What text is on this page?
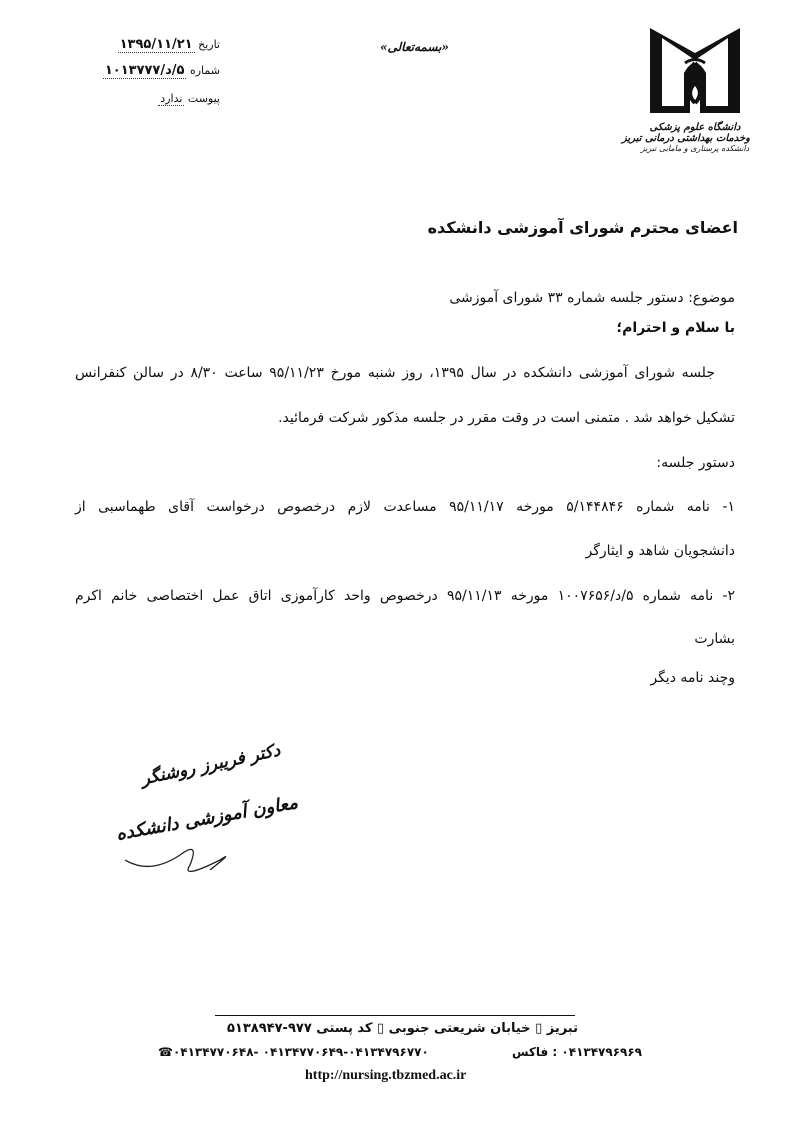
دانشگاه علوم پزشکی
وخدمات بهداشتی درمانی تبریز
دانشکده پرستاری و مامایی تبریز
«بسمه‌تعالی»
تاریخ ۱۳۹۵/۱۱/۲۱
شماره ۵/د/۱۰۱۳۷۷۷
پیوست ندارد
اعضای محترم شورای آموزشی دانشکده
موضوع: دستور جلسه شماره ۳۳ شورای آموزشی
با سلام و احترام؛
جلسه شورای آموزشی دانشکده در سال ۱۳۹۵، روز شنبه مورخ ۹۵/۱۱/۲۳ ساعت ۸/۳۰ در سالن کنفرانس
تشکیل خواهد شد . متمنی است در وقت مقرر در جلسه مذکور شرکت فرمائید.
دستور جلسه:
۱- نامه شماره ۵/۱۴۴۸۴۶ مورخه ۹۵/۱۱/۱۷ مساعدت لازم درخصوص درخواست آقای طهماسبی از
دانشجویان شاهد و ایثارگر
۲- نامه شماره ۵/د/۱۰۰۷۶۵۶ مورخه ۹۵/۱۱/۱۳ درخصوص واحد کارآموزی اتاق عمل اختصاصی خانم اکرم
بشارت
وچند نامه دیگر
دکتر فریبرز روشنگر
معاون آموزشی دانشکده
تبریز ▯ خیابان شریعتی جنوبی ▯ کد پستی ۹۷۷-۵۱۳۸۹۴۷
۰۴۱۳۴۷۹۶۹۶۹ : فاکس
☎۰۴۱۳۴۷۷۰۶۴۸- ۰۴۱۳۴۷۷۰۶۴۹-۰۴۱۳۴۷۹۶۷۷۰
http://nursing.tbzmed.ac.ir
